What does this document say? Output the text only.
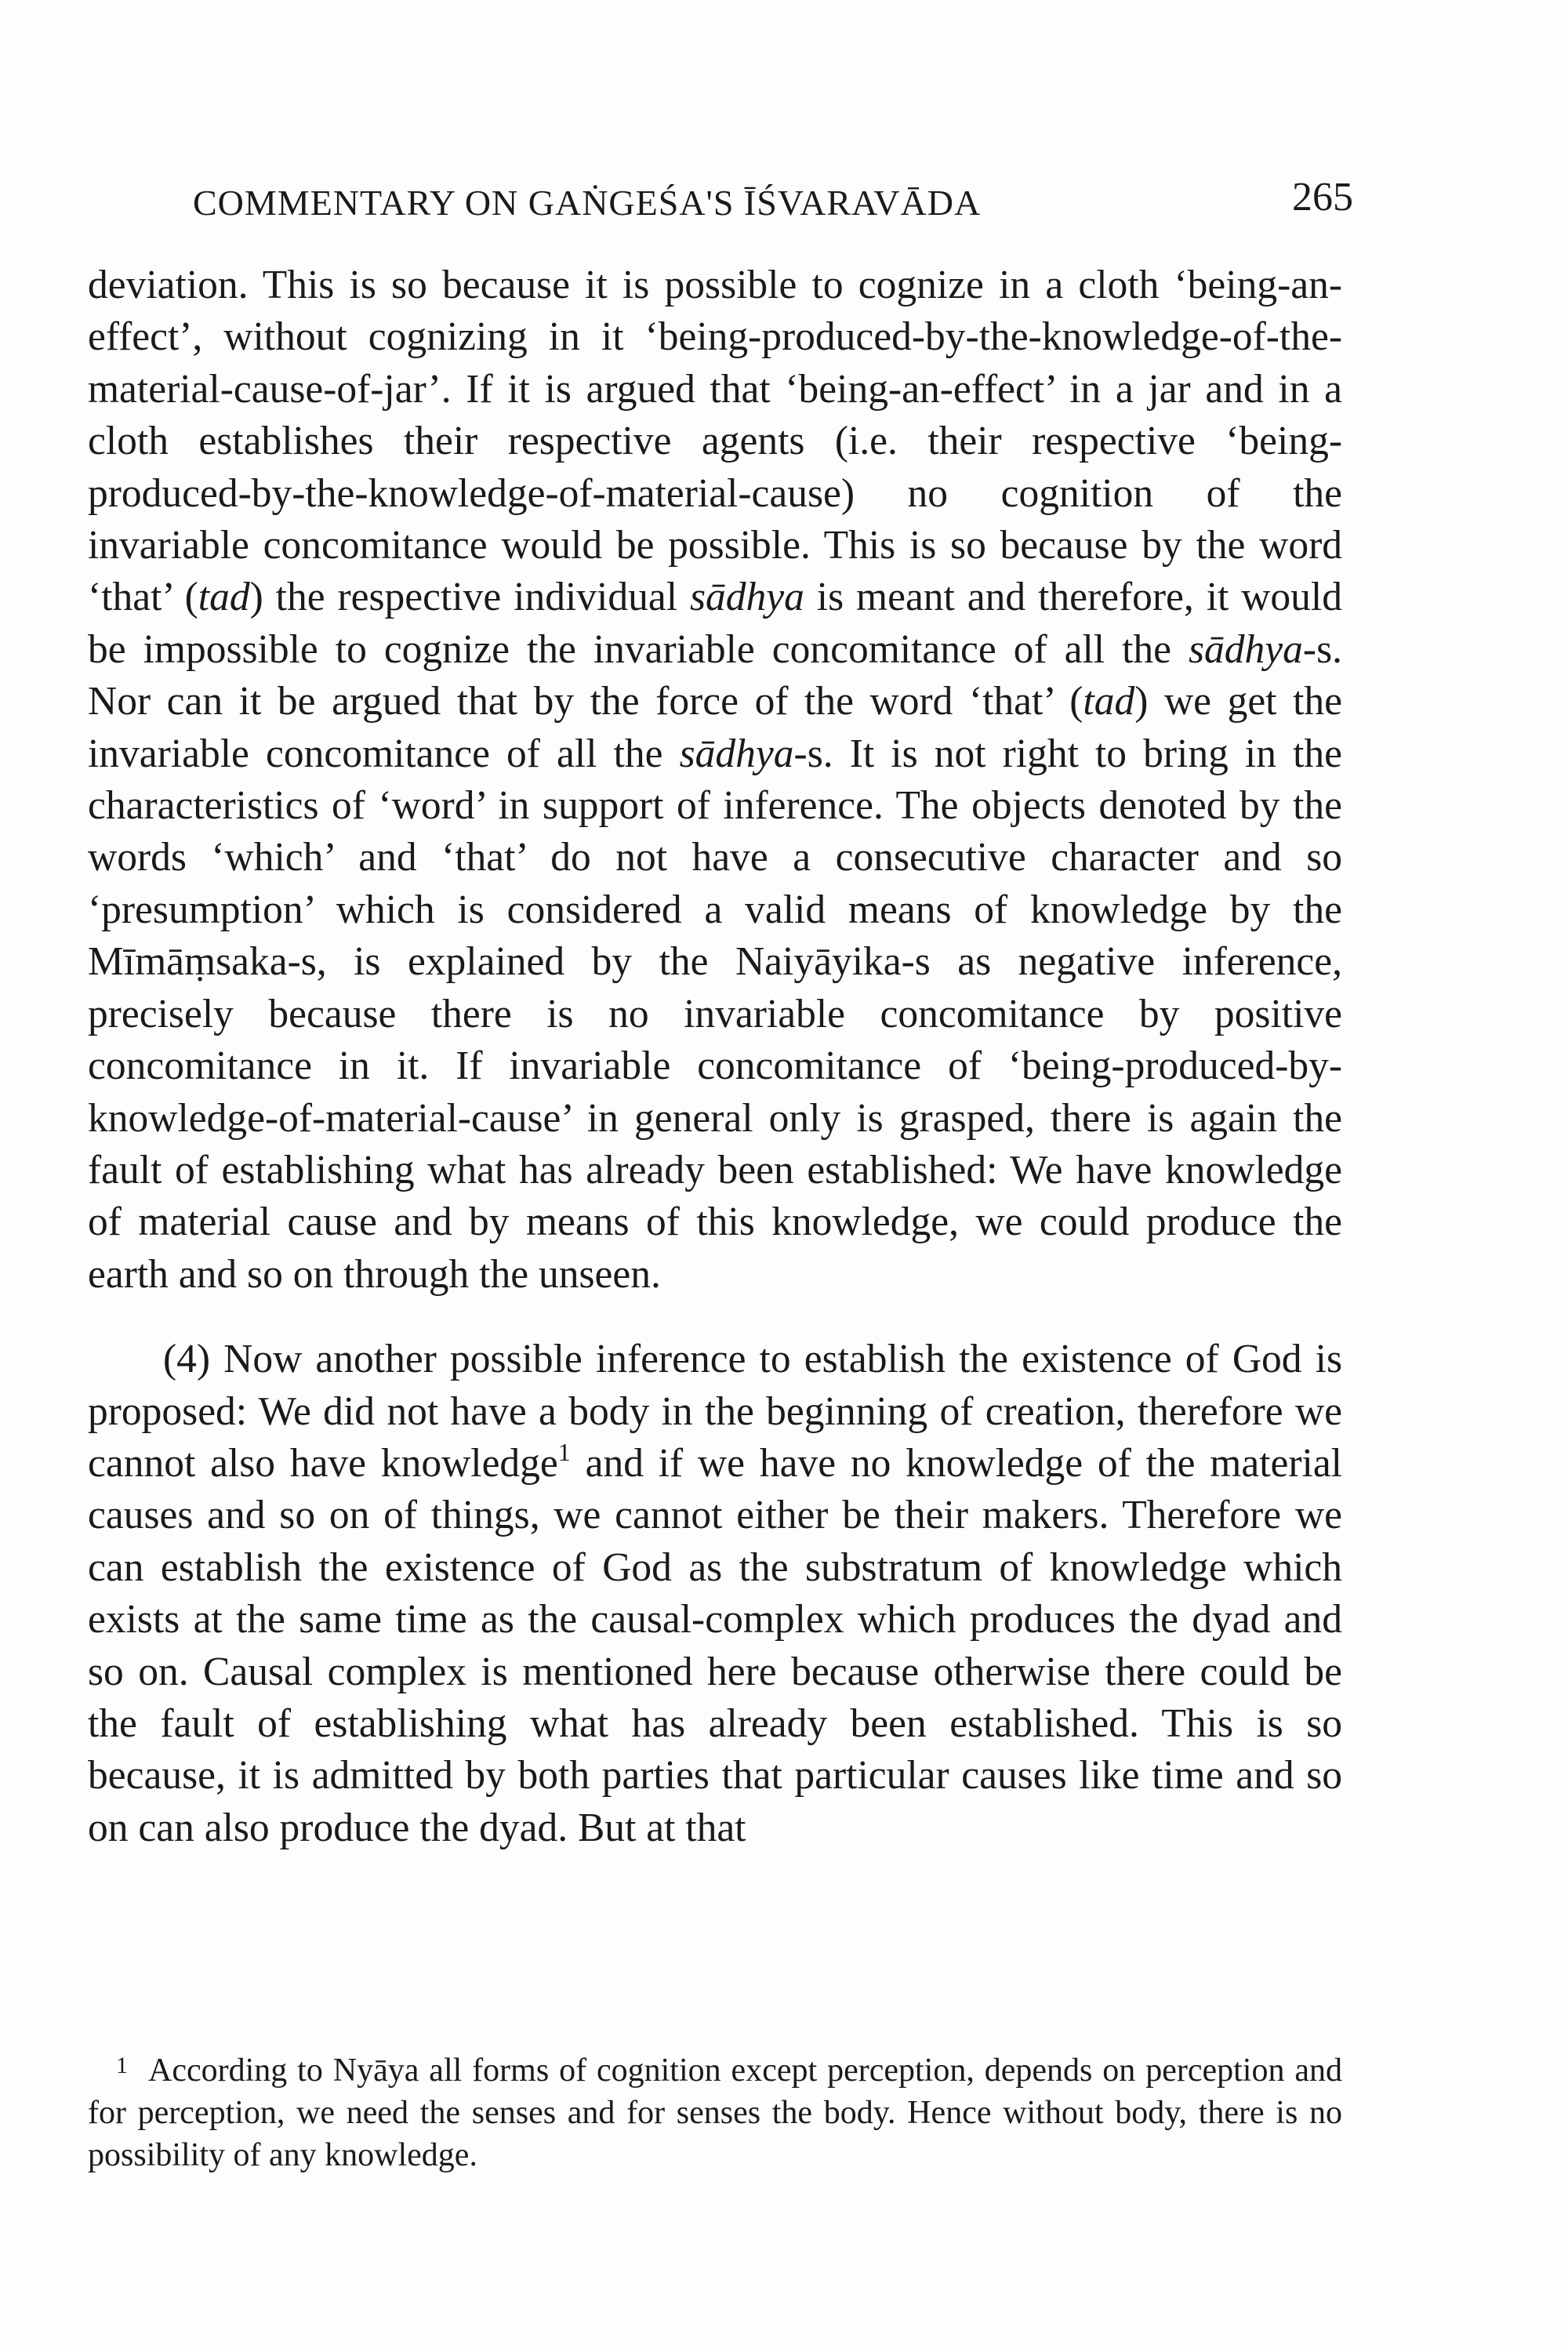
COMMENTARY ON GAṄGEŚA'S ĪŚVARAVĀDA	265

deviation. This is so because it is possible to cognize in a cloth ‘being-an-effect’, without cognizing in it ‘being-produced-by-the-knowledge-of-the-material-cause-of-jar’. If it is argued that ‘being-an-effect’ in a jar and in a cloth establishes their respective agents (i.e. their respective ‘being-produced-by-the-knowledge-of-material-cause) no cognition of the invariable concomitance would be possible. This is so because by the word ‘that’ (tad) the respective individual sādhya is meant and therefore, it would be impossible to cognize the invariable concomitance of all the sādhya-s. Nor can it be argued that by the force of the word ‘that’ (tad) we get the invariable concomitance of all the sādhya-s. It is not right to bring in the characteristics of ‘word’ in support of inference. The objects denoted by the words ‘which’ and ‘that’ do not have a consecutive character and so ‘presumption’ which is considered a valid means of knowledge by the Mīmāṃsaka-s, is explained by the Naiyāyika-s as negative inference, precisely because there is no invariable concomitance by positive concomitance in it. If invariable concomitance of ‘being-produced-by-knowledge-of-material-cause’ in general only is grasped, there is again the fault of establishing what has already been established: We have knowledge of material cause and by means of this knowledge, we could produce the earth and so on through the unseen.

(4) Now another possible inference to establish the existence of God is proposed: We did not have a body in the beginning of creation, therefore we cannot also have knowledge$^1$ and if we have no knowledge of the material causes and so on of things, we cannot either be their makers. Therefore we can establish the existence of God as the substratum of knowledge which exists at the same time as the causal-complex which produces the dyad and so on. Causal complex is mentioned here because otherwise there could be the fault of establishing what has already been established. This is so because, it is admitted by both parties that particular causes like time and so on can also produce the dyad. But at that

1 According to Nyāya all forms of cognition except perception, depends on perception and for perception, we need the senses and for senses the body. Hence without body, there is no possibility of any knowledge.
